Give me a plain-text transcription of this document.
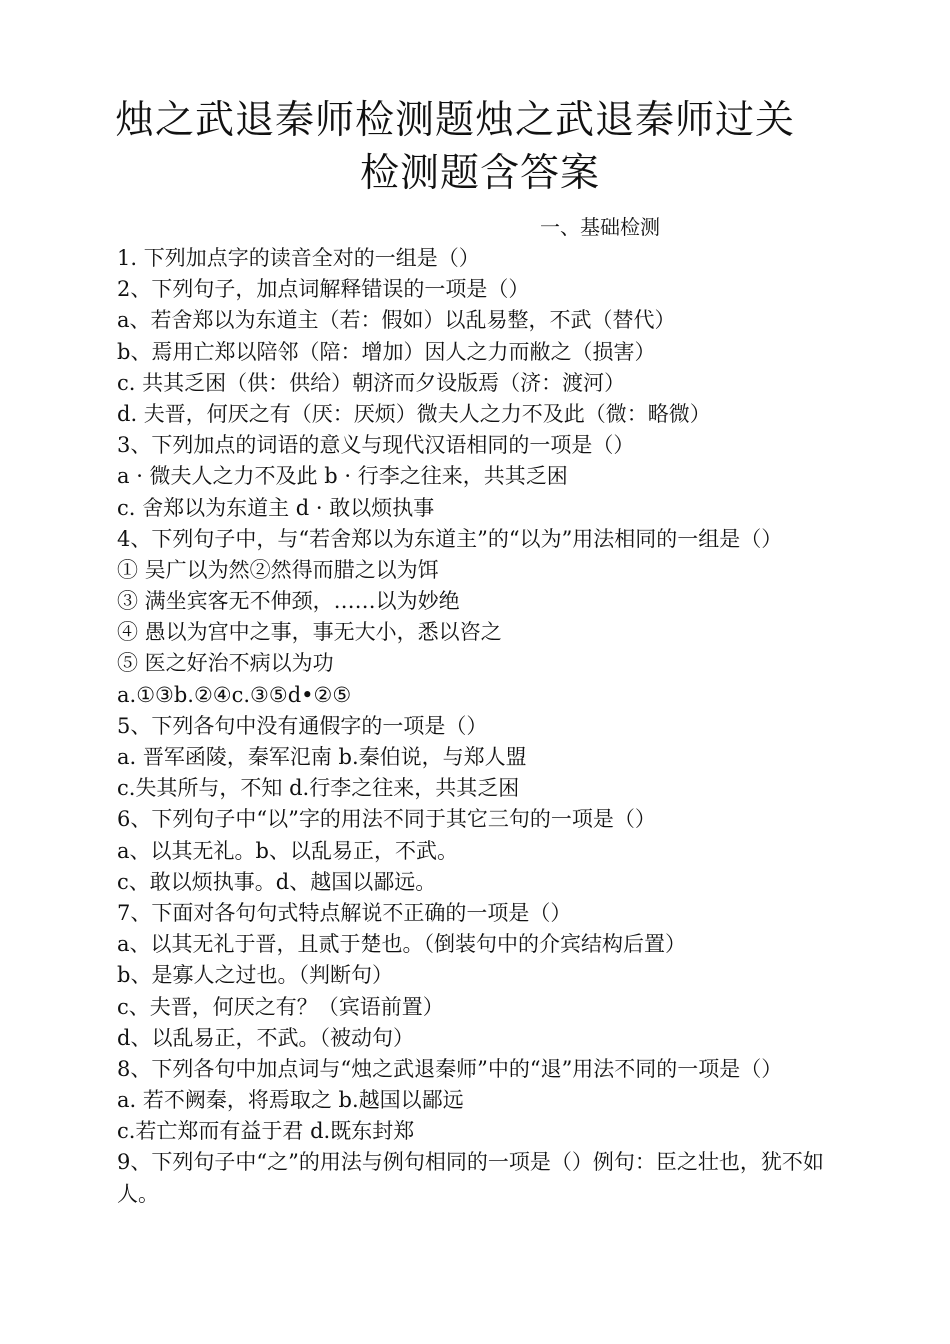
烛之武退秦师检测题烛之武退秦师过关
检测题含答案
一、基础检测
1. 下列加点字的读音全对的一组是（）
2、下列句子，加点词解释错误的一项是（）
a、若舍郑以为东道主（若：假如）以乱易整，不武（替代）
b、焉用亡郑以陪邻（陪：增加）因人之力而敝之（损害）
c. 共其乏困（供：供给）朝济而夕设版焉（济：渡河）
d. 夫晋，何厌之有（厌：厌烦）微夫人之力不及此（微：略微）
3、下列加点的词语的意义与现代汉语相同的一项是（）
a · 微夫人之力不及此 b · 行李之往来，共其乏困
c. 舍郑以为东道主 d · 敢以烦执事
4、下列句子中，与“若舍郑以为东道主”的“以为”用法相同的一组是（）
① 吴广以为然②然得而腊之以为饵
③ 满坐宾客无不伸颈，……以为妙绝
④ 愚以为宫中之事，事无大小，悉以咨之
⑤ 医之好治不病以为功
a.①③b.②④c.③⑤d•②⑤
5、下列各句中没有通假字的一项是（）
a. 晋军函陵，秦军氾南 b.秦伯说，与郑人盟
c.失其所与，不知 d.行李之往来，共其乏困
6、下列句子中“以”字的用法不同于其它三句的一项是（）
a、以其无礼。b、以乱易正，不武。
c、敢以烦执事。d、越国以鄙远。
7、下面对各句句式特点解说不正确的一项是（）
a、以其无礼于晋，且贰于楚也。（倒装句中的介宾结构后置）
b、是寡人之过也。（判断句）
c、夫晋，何厌之有？（宾语前置）
d、以乱易正，不武。（被动句）
8、下列各句中加点词与“烛之武退秦师”中的“退”用法不同的一项是（）
a. 若不阙秦，将焉取之 b.越国以鄙远
c.若亡郑而有益于君 d.既东封郑
9、下列句子中“之”的用法与例句相同的一项是（）例句：臣之壮也，犹不如人。
